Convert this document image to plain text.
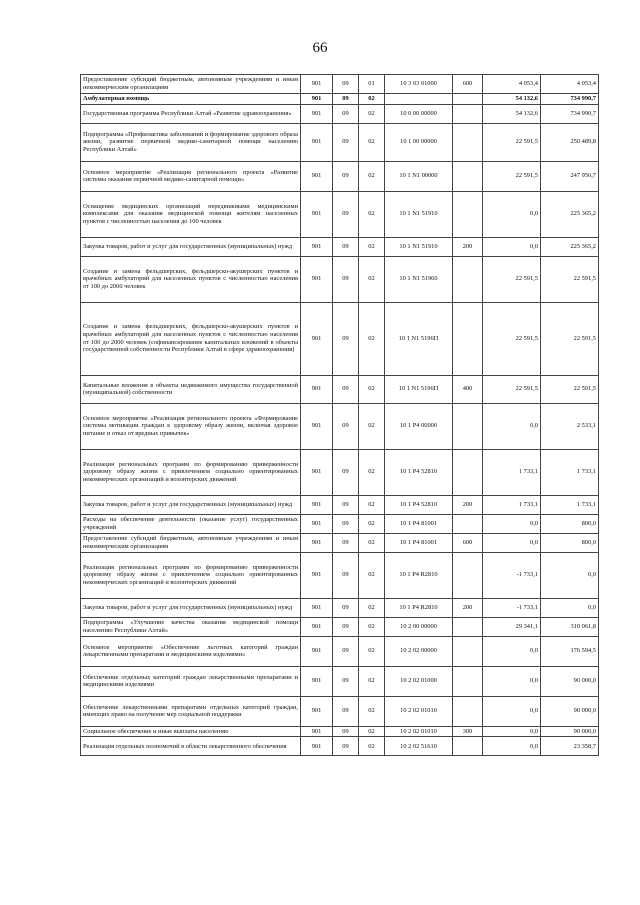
66
Предоставление субсидий бюджетным, автономным учреждениям и иным некоммерческим организациям	901	09	01	10 3 03 01000	600	4 053,4	4 053,4
Амбулаторная помощь	901	09	02			54 132,6	734 990,7
Государственная программа Республики Алтай «Развитие здравоохранения»	901	09	02	10 0 00 00000		54 132,6	734 990,7
Подпрограмма «Профилактика заболеваний и формирование здорового образа жизни, развитие первичной медико-санитарной помощи населению Республики Алтай»	901	09	02	10 1 00 00000		22 591,5	250 489,8
Основное мероприятие «Реализация регионального проекта «Развитие системы оказания первичной медико-санитарной помощи»	901	09	02	10 1 N1 00000		22 591,5	247 956,7
Оснащение медицинских организаций передвижными медицинскими комплексами для оказания медицинской помощи жителям населенных пунктов с численностью населения до 100 человек	901	09	02	10 1 N1 51910		0,0	225 365,2
Закупка товаров, работ и услуг для государственных (муниципальных) нужд	901	09	02	10 1 N1 51910	200	0,0	225 365,2
Создание и замена фельдшерских, фельдшерско-акушерских пунктов и врачебных амбулаторий для населенных пунктов с численностью населения от 100 до 2000 человек	901	09	02	10 1 N1 51960		22 591,5	22 591,5
Создание и замена фельдшерских, фельдшерско-акушерских пунктов и врачебных амбулаторий для населенных пунктов с численностью населения от 100 до 2000 человек (софинансирование капитальных вложений в объекты государственной собственности Республики Алтай в сфере здравоохранения)	901	09	02	10 1 N1 5196П		22 591,5	22 591,5
Капитальные вложения в объекты недвижимого имущества государственной (муниципальной) собственности	901	09	02	10 1 N1 5196П	400	22 591,5	22 591,5
Основное мероприятие «Реализация регионального проекта «Формирование системы мотивации граждан к здоровому образу жизни, включая здоровое питание и отказ от вредных привычек»	901	09	02	10 1 P4 00000		0,0	2 533,1
Реализация региональных программ по формированию приверженности здоровому образу жизни с привлечением социально ориентированных некоммерческих организаций и волонтерских движений	901	09	02	10 1 P4 52810		1 733,1	1 733,1
Закупка товаров, работ и услуг для государственных (муниципальных) нужд	901	09	02	10 1 P4 52810	200	1 733,1	1 733,1
Расходы на обеспечение деятельности (оказание услуг) государственных учреждений	901	09	02	10 1 P4 81001		0,0	800,0
Предоставление субсидий бюджетным, автономным учреждениям и иным некоммерческим организациям	901	09	02	10 1 P4 81001	600	0,0	800,0
Реализация региональных программ по формированию приверженности здоровому образу жизни с привлечением социально ориентированных некоммерческих организаций и волонтерских движений	901	09	02	10 1 P4 R2810		-1 733,1	0,0
Закупка товаров, работ и услуг для государственных (муниципальных) нужд	901	09	02	10 1 P4 R2810	200	-1 733,1	0,0
Подпрограмма «Улучшение качества оказания медицинской помощи населению Республики Алтай»	901	09	02	10 2 00 00000		29 341,1	310 061,8
Основное мероприятие «Обеспечение льготных категорий граждан лекарственными препаратами и медицинскими изделиями»	901	09	02	10 2 02 00000		0,0	176 594,5
Обеспечение отдельных категорий граждан лекарственными препаратами и медицинскими изделиями	901	09	02	10 2 02 01000		0,0	90 000,0
Обеспечение лекарственными препаратами отдельных категорий граждан, имеющих право на получение мер социальной поддержки	901	09	02	10 2 02 01010		0,0	90 000,0
Социальное обеспечение и иные выплаты населению	901	09	02	10 2 02 01010	300	0,0	90 000,0
Реализация отдельных полномочий в области лекарственного обеспечения	901	09	02	10 2 02 51610		0,0	23 358,7
